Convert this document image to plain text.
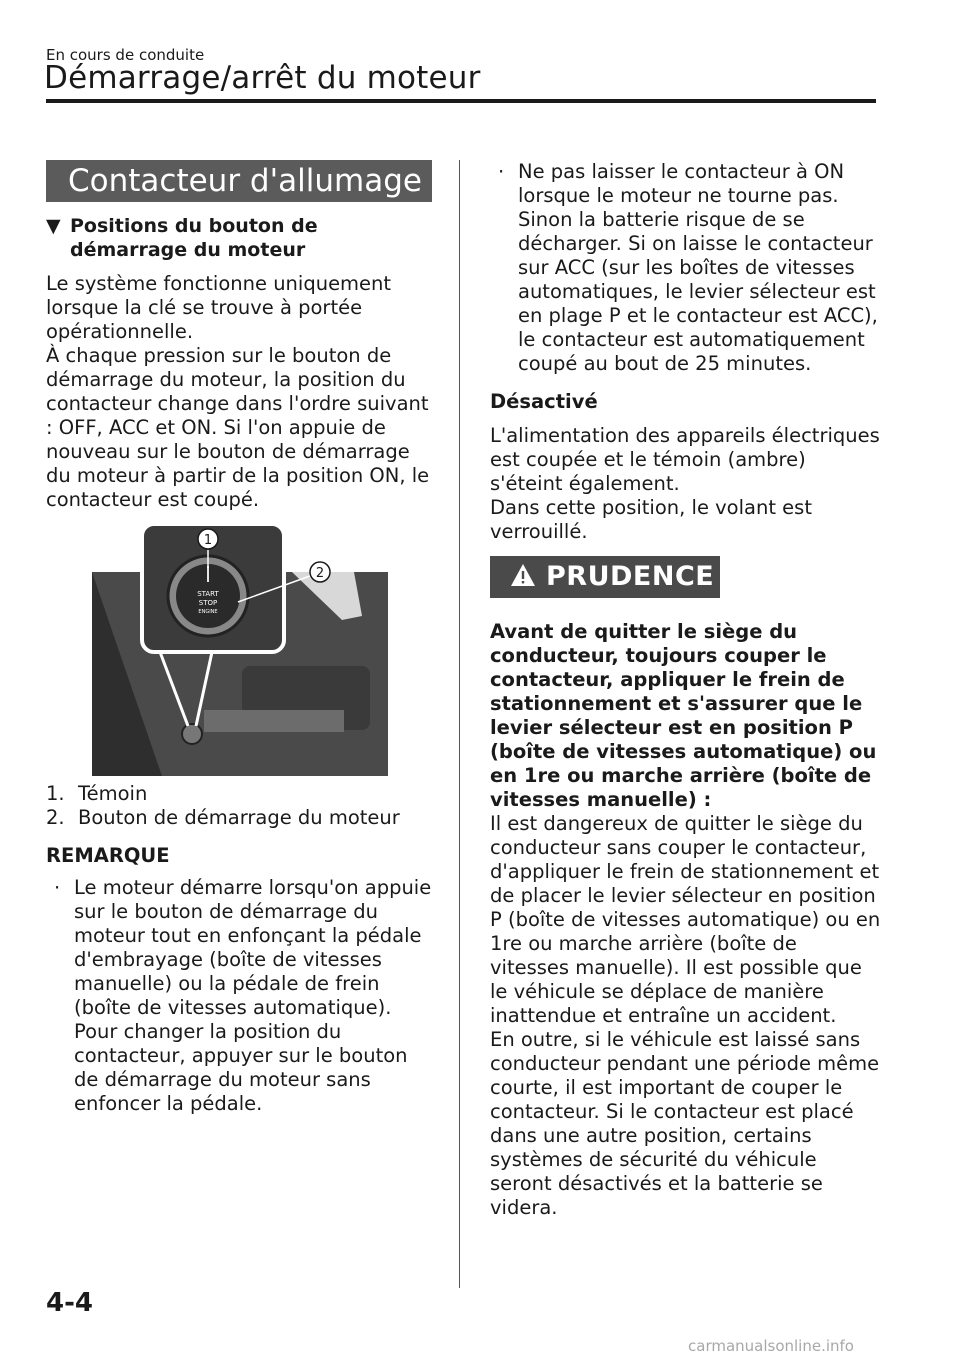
En cours de conduite
Démarrage/arrêt du moteur
Contacteur d'allumage
▼ Positions du bouton de démarrage du moteur

Le système fonctionne uniquement lorsque la clé se trouve à portée opérationnelle.

À chaque pression sur le bouton de démarrage du moteur, la position du contacteur change dans l'ordre suivant : OFF, ACC et ON. Si l'on appuie de nouveau sur le bouton de démarrage du moteur à partir de la position ON, le contacteur est coupé.

START
STOP
ENGINE
1
2
1. Témoin
2. Bouton de démarrage du moteur

REMARQUE

· Le moteur démarre lorsqu'on appuie sur le bouton de démarrage du moteur tout en enfonçant la pédale d'embrayage (boîte de vitesses manuelle) ou la pédale de frein (boîte de vitesses automatique). Pour changer la position du contacteur, appuyer sur le bouton de démarrage du moteur sans enfoncer la pédale.
· Ne pas laisser le contacteur à ON lorsque le moteur ne tourne pas. Sinon la batterie risque de se décharger. Si on laisse le contacteur sur ACC (sur les boîtes de vitesses automatiques, le levier sélecteur est en plage P et le contacteur est ACC), le contacteur est automatiquement coupé au bout de 25 minutes.

Désactivé

L'alimentation des appareils électriques est coupée et le témoin (ambre) s'éteint également.

Dans cette position, le volant est verrouillé.

PRUDENCE

Avant de quitter le siège du conducteur, toujours couper le contacteur, appliquer le frein de stationnement et s'assurer que le levier sélecteur est en position P (boîte de vitesses automatique) ou en 1re ou marche arrière (boîte de vitesses manuelle) :

Il est dangereux de quitter le siège du conducteur sans couper le contacteur, d'appliquer le frein de stationnement et de placer le levier sélecteur en position P (boîte de vitesses automatique) ou en 1re ou marche arrière (boîte de vitesses manuelle). Il est possible que le véhicule se déplace de manière inattendue et entraîne un accident.

En outre, si le véhicule est laissé sans conducteur pendant une période même courte, il est important de couper le contacteur. Si le contacteur est placé dans une autre position, certains systèmes de sécurité du véhicule seront désactivés et la batterie se videra.

4-4
carmanualsonline.info
